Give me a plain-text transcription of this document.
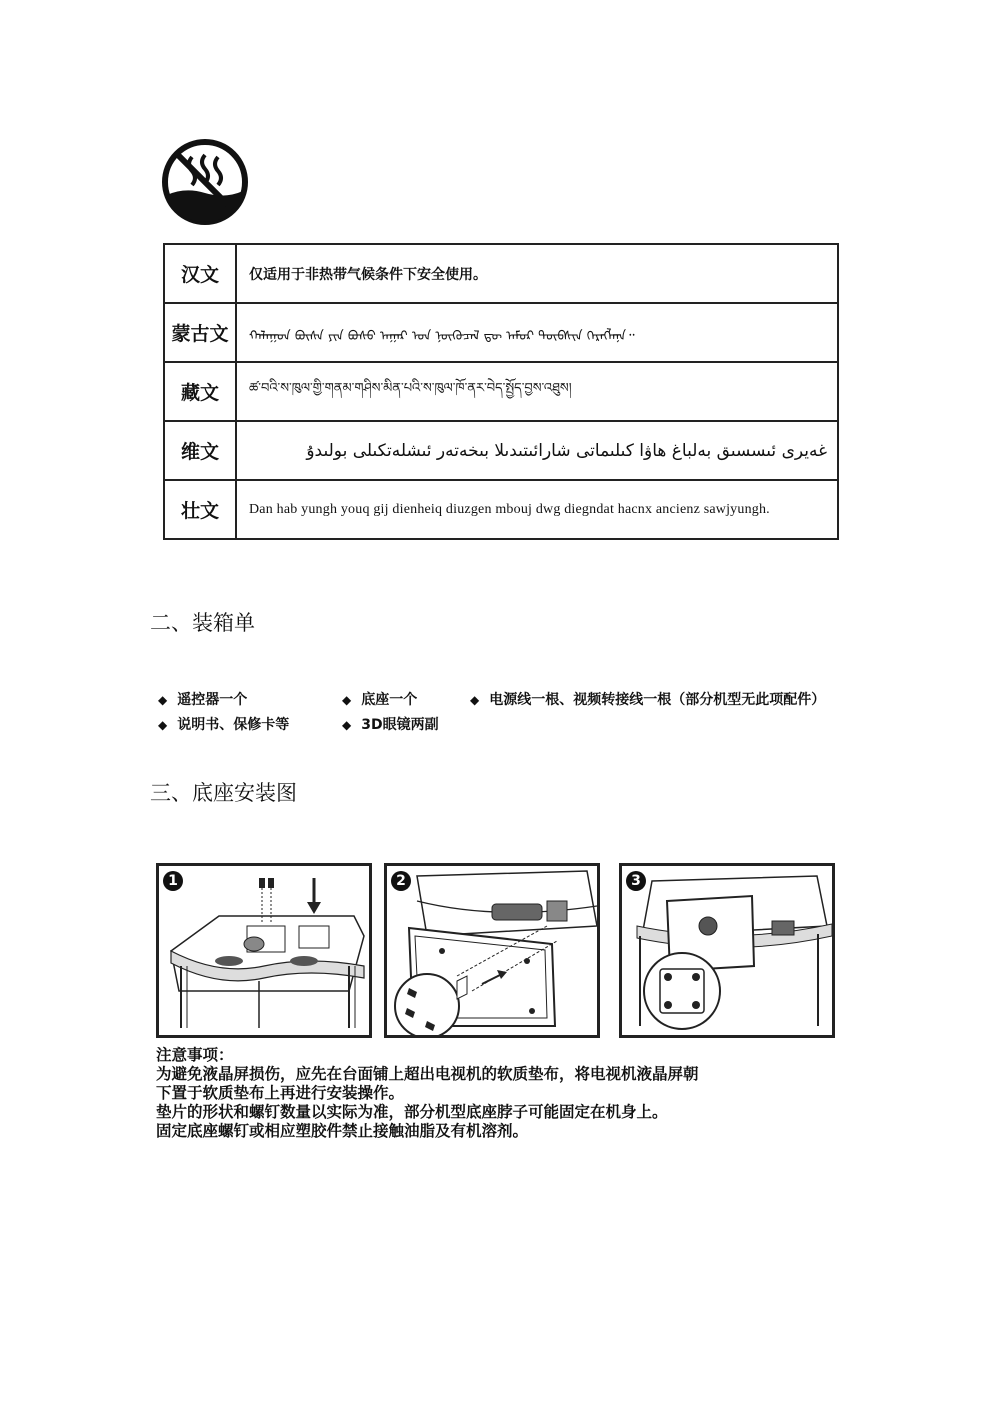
汉文	仅适用于非热带气候条件下安全使用。
蒙古文	ᠬᠠᠯᠠᠭᠤᠨ ᠪᠦᠰᠡ ᠶᠢᠨ ᠪᠤᠰᠤ ᠠᠭᠠᠷ ᠤᠨ ᠨᠦᠬᠦᠴᠡᠯ ᠳᠦ ᠠᠮᠤᠷ ᠲᠦᠪᠰᠢᠨ ᠬᠡᠷᠡᠭᠯᠡᠨᠡ᠃
藏文	ཚ་བའི་ས་ཁུལ་གྱི་གནམ་གཤིས་མིན་པའི་ས་ཁུལ་ཁོ་ནར་བེད་སྤྱོད་བྱས་འཐུས།
维文	غەيرى ئىسسىق بەلباغ ھاۋا كىلىماتى شارائىتىدىلا بىخەتەر ئىشلەتكىلى بولىدۇ
壮文	Dan hab yungh youq gij dienheiq diuzgen mbouj dwg diegndat hacnx ancienz sawjyungh.
二、装箱单
◆ 遥控器一个	◆ 底座一个	◆ 电源线一根、视频转接线一根（部分机型无此项配件）
◆ 说明书、保修卡等	◆ 3D眼镜两副
三、底座安装图
1	2	3
注意事项：
为避免液晶屏损伤，应先在台面铺上超出电视机的软质垫布，将电视机液晶屏朝
下置于软质垫布上再进行安装操作。
垫片的形状和螺钉数量以实际为准，部分机型底座脖子可能固定在机身上。
固定底座螺钉或相应塑胶件禁止接触油脂及有机溶剂。
